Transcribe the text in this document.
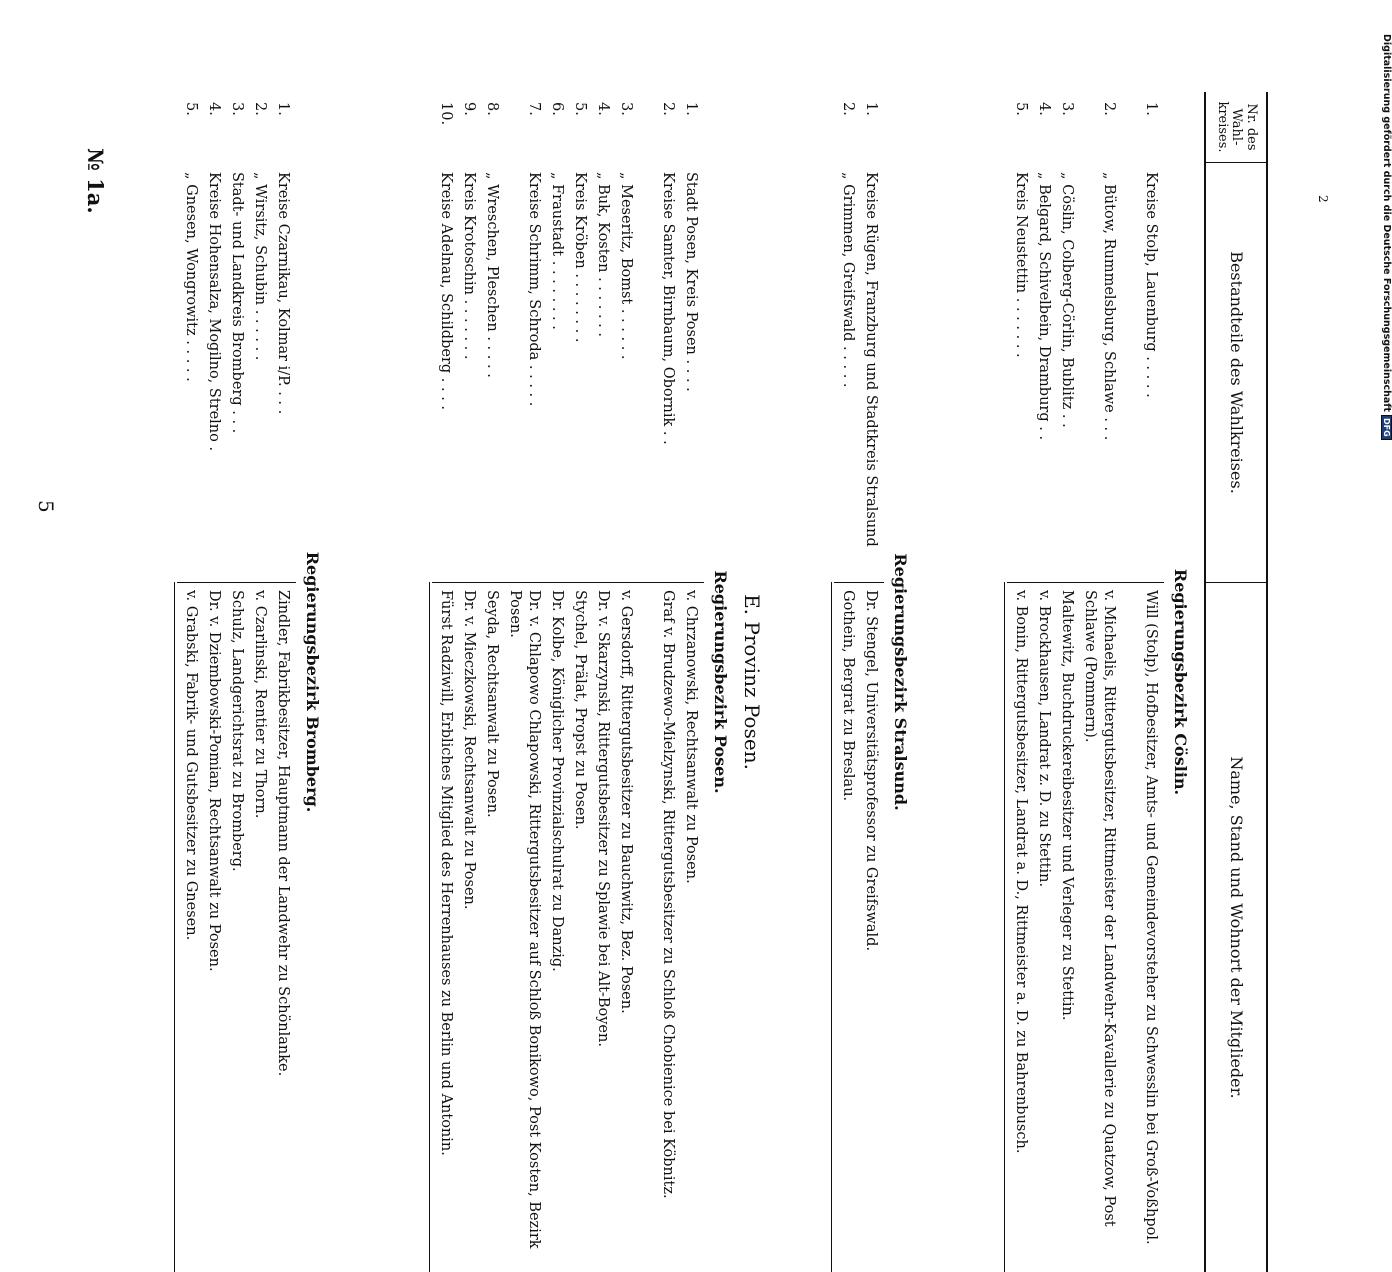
5
№ 1a.	2	Digitalisierung gefördert durch die Deutsche Forschungsgemeinschaft
DFG
Nr. des Wahl-kreises.
Bestandteile des Wahlkreises.
Name, Stand und Wohnort der Mitglieder.
Regierungsbezirk Cöslin.
1.
Kreise Stolp, Lauenburg . . . . .
Will (Stolp), Hofbesitzer, Amts- und Gemeindevorsteher zu Schwesslin bei Groß-Voßhpol.
2.
„ Bütow, Rummelsburg, Schlawe . . .
v. Michaelis, Rittergutsbesitzer, Rittmeister der Landwehr-Kavallerie zu Quatzow, Post Schlawe (Pommern).
3.
„ Cöslin, Colberg-Cörlin, Bublitz . .
Maltewitz, Buchdruckereibesitzer und Verleger zu Stettin.
4.
„ Belgard, Schivelbein, Dramburg . .
v. Brockhausen, Landrat z. D. zu Stettin.
5.
Kreis Neustettin . . . . . . .
v. Bonin, Rittergutsbesitzer, Landrat a. D., Rittmeister a. D. zu Bahrenbusch.
Regierungsbezirk Stralsund.
1.
Kreise Rügen, Franzburg und Stadtkreis Stralsund
Dr. Stengel, Universitätsprofessor zu Greifswald.
2.
„ Grimmen, Greifswald . . . . .
Gothein, Bergrat zu Breslau.
E. Provinz Posen.
Regierungsbezirk Posen.
1.
Stadt Posen, Kreis Posen . . . .
v. Chrzanowski, Rechtsanwalt zu Posen.
2.
Kreise Samter, Birnbaum, Obornik . .
Graf v. Brudzewo-Mielzynski, Rittergutsbesitzer zu Schloß Chobienice bei Köbnitz.
3.
„ Meseritz, Bomst . . . . . .
v. Gersdorff, Rittergutsbesitzer zu Bauchwitz, Bez. Posen.
4.
„ Buk, Kosten . . . . . . .
Dr. v. Skarzynski, Rittergutsbesitzer zu Splawie bei Alt-Boyen.
5.
Kreis Kröben . . . . . . . .
Stychel, Prälat, Propst zu Posen.
6.
„ Fraustadt . . . . . . . .
Dr. Kolbe, Königlicher Provinzialschulrat zu Danzig.
7.
Kreise Schrimm, Schroda . . . . .
Dr. v. Chlapowo Chlapowski, Rittergutsbesitzer auf Schloß Bonikowo, Post Kosten, Bezirk Posen.
8.
„ Wreschen, Pleschen . . . . .
Seyda, Rechtsanwalt zu Posen.
9.
Kreis Krotoschin . . . . . . .
Dr. v. Mieczkowski, Rechtsanwalt zu Posen.
10.
Kreise Adelnau, Schildberg . . . .
Fürst Radziwill, Erbliches Mitglied des Herrenhauses zu Berlin und Antonin.
Regierungsbezirk Bromberg.
1.
Kreise Czarnikau, Kolmar i/P. . . .
Zindler, Fabrikbesitzer, Hauptmann der Landwehr zu Schönlanke.
2.
„ Wirsitz, Schubin . . . . . .
v. Czarlinski, Rentier zu Thorn.
3.
Stadt- und Landkreis Bromberg . . .
Schulz, Landgerichtsrat zu Bromberg.
4.
Kreise Hohensalza, Mogilno, Strelno .
Dr. v. Dziembowski-Pomian, Rechtsanwalt zu Posen.
5.
„ Gnesen, Wongrowitz . . . . .
v. Grabski, Fabrik- und Gutsbesitzer zu Gnesen.
